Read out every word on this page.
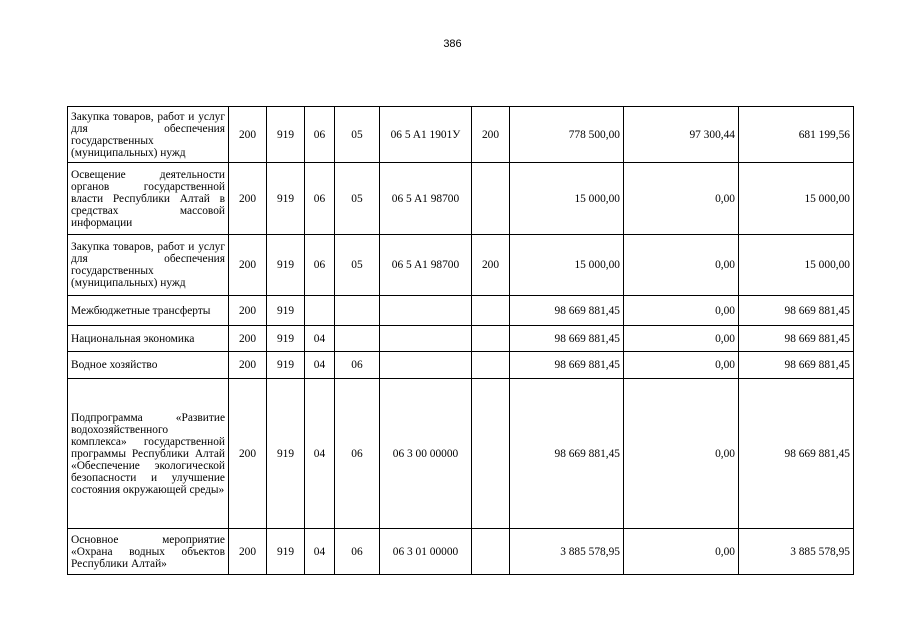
386
Закупка товаров, работ и услуг для обеспечения государственных (муниципальных) нужд	200	919	06	05	06 5 A1 1901У	200	778 500,00	97 300,44	681 199,56
Освещение деятельности органов государственной власти Республики Алтай в средствах массовой информации	200	919	06	05	06 5 A1 98700		15 000,00	0,00	15 000,00
Закупка товаров, работ и услуг для обеспечения государственных (муниципальных) нужд	200	919	06	05	06 5 A1 98700	200	15 000,00	0,00	15 000,00
Межбюджетные трансферты	200	919					98 669 881,45	0,00	98 669 881,45
Национальная экономика	200	919	04				98 669 881,45	0,00	98 669 881,45
Водное хозяйство	200	919	04	06			98 669 881,45	0,00	98 669 881,45
Подпрограмма «Развитие водохозяйственного комплекса» государственной программы Республики Алтай «Обеспечение экологической безопасности и улучшение состояния окружающей среды»	200	919	04	06	06 3 00 00000		98 669 881,45	0,00	98 669 881,45
Основное мероприятие «Охрана водных объектов Республики Алтай»	200	919	04	06	06 3 01 00000		3 885 578,95	0,00	3 885 578,95
